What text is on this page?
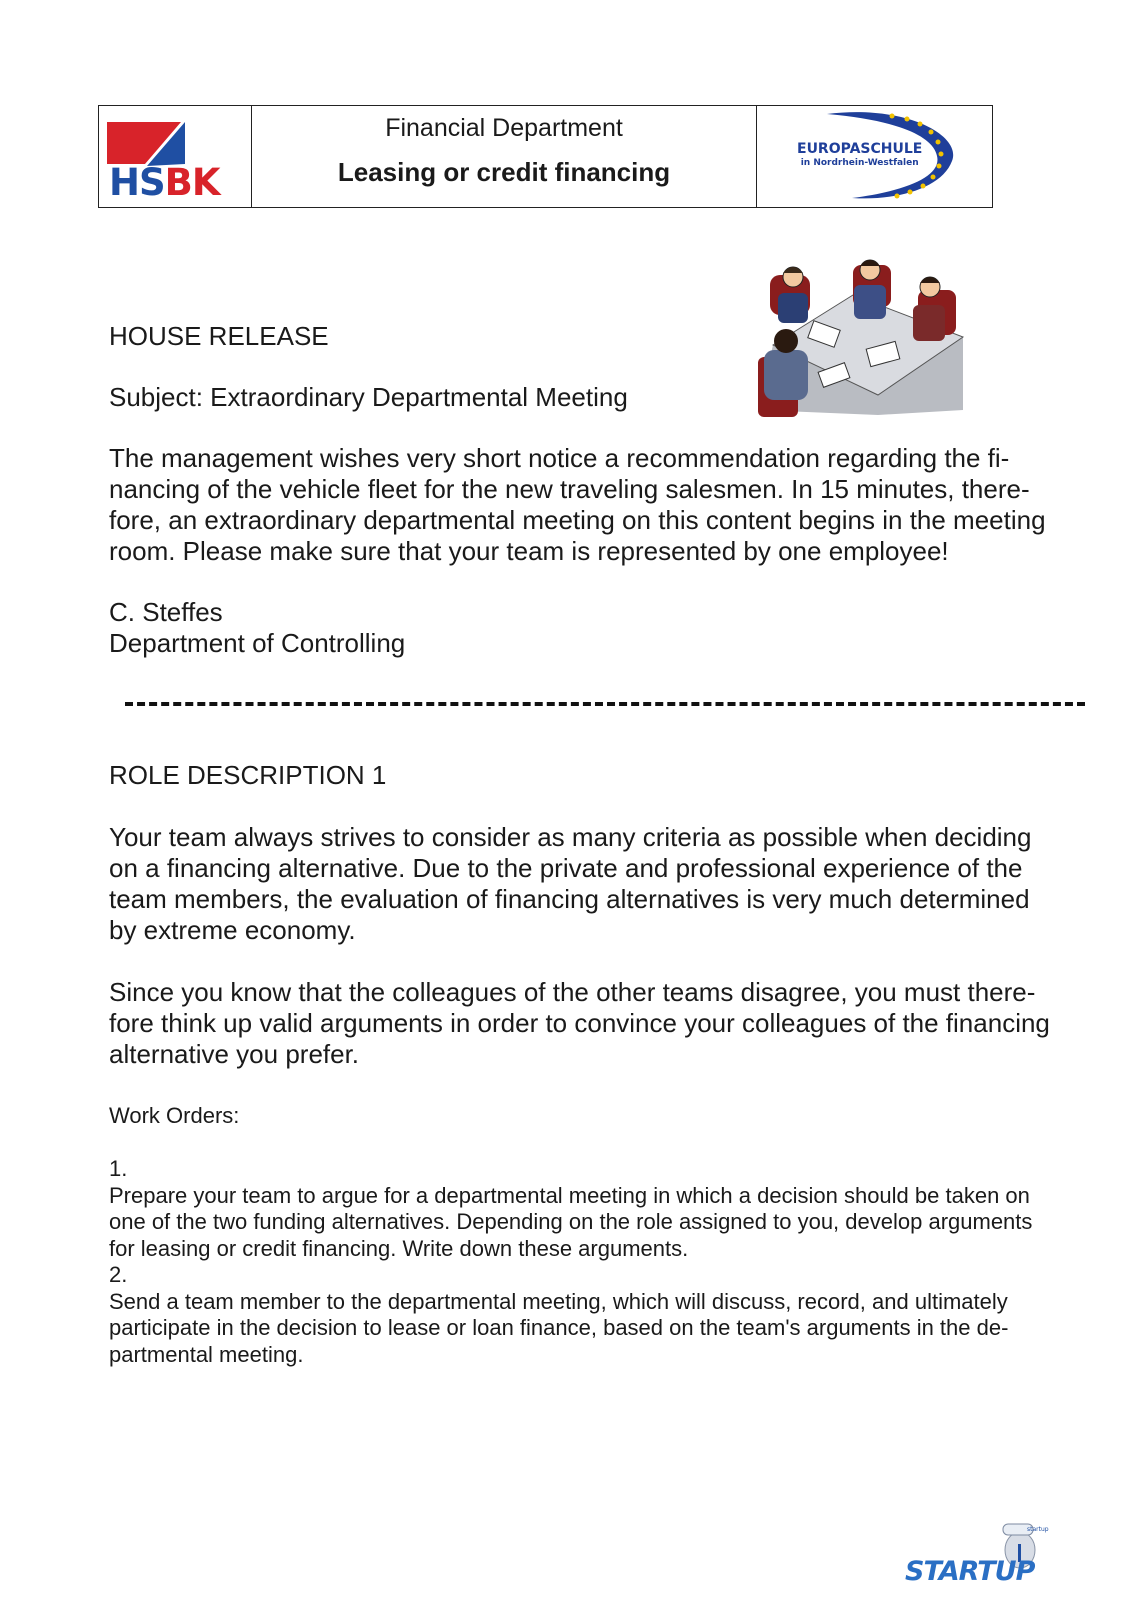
HSBK
Financial Department
Leasing or credit financing
EUROPASCHULE
in Nordrhein-Westfalen
HOUSE RELEASE
Subject: Extraordinary Departmental Meeting
The management wishes very short notice a recommendation regarding the fi-
nancing of the vehicle fleet for the new traveling salesmen. In 15 minutes, there-
fore, an extraordinary departmental meeting on this content begins in the meeting
room. Please make sure that your team is represented by one employee!
C. Steffes
Department of Controlling
ROLE DESCRIPTION 1
Your team always strives to consider as many criteria as possible when deciding
on a financing alternative. Due to the private and professional experience of the
team members, the evaluation of financing alternatives is very much determined
by extreme economy.
Since you know that the colleagues of the other teams disagree, you must there-
fore think up valid arguments in order to convince your colleagues of the financing
alternative you prefer.
Work Orders:
1.
Prepare your team to argue for a departmental meeting in which a decision should be taken on
one of the two funding alternatives. Depending on the role assigned to you, develop arguments
for leasing or credit financing. Write down these arguments.
2.
Send a team member to the departmental meeting, which will discuss, record, and ultimately
participate in the decision to lease or loan finance, based on the team's arguments in the de-
partmental meeting.
startup
STARTUP
